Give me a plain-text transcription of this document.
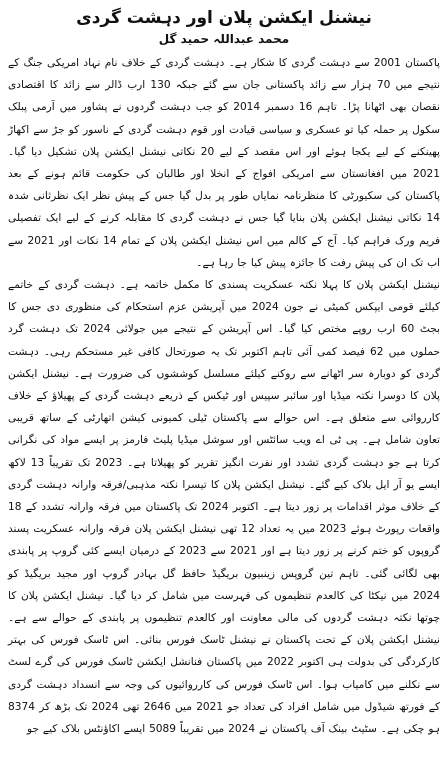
نیشنل ایکشن پلان اور دہشت گردی
محمد عبداللہ حمید گل

پاکستان 2001 سے دہشت گردی کا شکار ہے۔ دہشت گردی کے خلاف نام نہاد امریکی جنگ کے نتیجے میں 70 ہزار سے زائد پاکستانی جان سے گئے جبکہ 130 ارب ڈالر سے زائد کا اقتصادی نقصان بھی اٹھانا پڑا۔ تاہم 16 دسمبر 2014 کو جب دہشت گردوں نے پشاور میں آرمی پبلک سکول پر حملہ کیا تو عسکری و سیاسی قیادت اور قوم دہشت گردی کے ناسور کو جڑ سے اکھاڑ پھینکنے کے لیے یکجا ہوئے اور اس مقصد کے لیے 20 نکاتی نیشنل ایکشن پلان تشکیل دیا گیا۔ 2021 میں افغانستان سے امریکی افواج کے انخلا اور طالبان کی حکومت قائم ہونے کے بعد پاکستان کی سکیورٹی کا منظرنامہ نمایاں طور پر بدل گیا جس کے پیش نظر ایک نظرثانی شدہ 14 نکاتی نیشنل ایکشن پلان بنایا گیا جس نے دہشت گردی کا مقابلہ کرنے کے لیے ایک تفصیلی فریم ورک فراہم کیا۔ آج کے کالم میں اس نیشنل ایکشن پلان کے تمام 14 نکات اور 2021 سے اب تک ان کی پیش رفت کا جائزہ پیش کیا جا رہا ہے۔

نیشنل ایکشن پلان کا پہلا نکتہ عسکریت پسندی کا مکمل خاتمہ ہے۔ دہشت گردی کے خاتمے کیلئے قومی ایپکس کمیٹی نے جون 2024 میں آپریشن عزم استحکام کی منظوری دی جس کا بجٹ 60 ارب روپے مختص کیا گیا۔ اس آپریشن کے نتیجے میں جولائی 2024 تک دہشت گرد حملوں میں 62 فیصد کمی آئی تاہم اکتوبر تک یہ صورتحال کافی غیر مستحکم رہی۔ دہشت گردی کو دوبارہ سر اٹھانے سے روکنے کیلئے مسلسل کوششوں کی ضرورت ہے۔ نیشنل ایکشن پلان کا دوسرا نکتہ میڈیا اور سائبر سپیس اور ٹیکس کے ذریعے دہشت گردی کے پھیلاؤ کے خلاف کارروائی سے متعلق ہے۔ اس حوالے سے پاکستان ٹیلی کمیونی کیشن اتھارٹی کے ساتھ قریبی تعاون شامل ہے۔ پی ٹی اے ویب سائٹس اور سوشل میڈیا پلیٹ فارمز پر ایسے مواد کی نگرانی کرتا ہے جو دہشت گردی تشدد اور نفرت انگیز تقریر کو پھیلاتا ہے۔ 2023 تک تقریباً 13 لاکھ ایسے یو آر ایل بلاک کیے گئے۔ نیشنل ایکشن پلان کا تیسرا نکتہ مذہبی/فرقہ وارانہ دہشت گردی کے خلاف موثر اقدامات پر زور دیتا ہے۔ اکتوبر 2024 تک پاکستان میں فرقہ وارانہ تشدد کے 18 واقعات رپورٹ ہوئے 2023 میں یہ تعداد 12 تھی نیشنل ایکشن پلان فرقہ وارانہ عسکریت پسند گروپوں کو ختم کرنے پر زور دیتا ہے اور 2021 سے 2023 کے درمیان ایسے کئی گروپ پر پابندی بھی لگائی گئی۔ تاہم تین گروپس زینبیون بریگیڈ حافظ گل بہادر گروپ اور مجید بریگیڈ کو 2024 میں نیکٹا کی کالعدم تنظیموں کی فہرست میں شامل کر دیا گیا۔ نیشنل ایکشن پلان کا چوتھا نکتہ دہشت گردوں کی مالی معاونت اور کالعدم تنظیموں پر پابندی کے حوالے سے ہے۔ نیشنل ایکشن پلان کے تحت پاکستان نے نیشنل ٹاسک فورس بنائی۔ اس ٹاسک فورس کی بہتر کارکردگی کی بدولت ہی اکتوبر 2022 میں پاکستان فنانشل ایکشن ٹاسک فورس کی گرے لسٹ سے نکلنے میں کامیاب ہوا۔ اس ٹاسک فورس کی کارروائیوں کی وجہ سے انسداد دہشت گردی کے فورتھ شیڈول میں شامل افراد کی تعداد جو 2021 میں 2646 تھی 2024 تک بڑھ کر 8374 ہو چکی ہے۔ سٹیٹ بینک آف پاکستان نے 2024 میں تقریباً 5089 ایسے اکاؤنٹس بلاک کیے جو
